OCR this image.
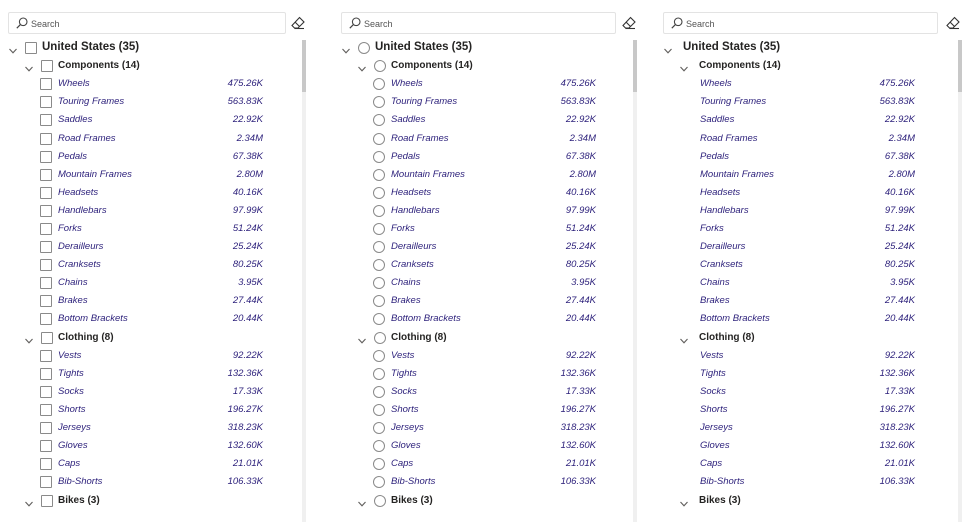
Search
United States (35)
Components (14)
Wheels	475.26K
Touring Frames	563.83K
Saddles	22.92K
Road Frames	2.34M
Pedals	67.38K
Mountain Frames	2.80M
Headsets	40.16K
Handlebars	97.99K
Forks	51.24K
Derailleurs	25.24K
Cranksets	80.25K
Chains	3.95K
Brakes	27.44K
Bottom Brackets	20.44K
Clothing (8)
Vests	92.22K
Tights	132.36K
Socks	17.33K
Shorts	196.27K
Jerseys	318.23K
Gloves	132.60K
Caps	21.01K
Bib-Shorts	106.33K
Bikes (3)
Search
United States (35)
Components (14)
Wheels	475.26K
Touring Frames	563.83K
Saddles	22.92K
Road Frames	2.34M
Pedals	67.38K
Mountain Frames	2.80M
Headsets	40.16K
Handlebars	97.99K
Forks	51.24K
Derailleurs	25.24K
Cranksets	80.25K
Chains	3.95K
Brakes	27.44K
Bottom Brackets	20.44K
Clothing (8)
Vests	92.22K
Tights	132.36K
Socks	17.33K
Shorts	196.27K
Jerseys	318.23K
Gloves	132.60K
Caps	21.01K
Bib-Shorts	106.33K
Bikes (3)
Search
United States (35)
Components (14)
Wheels	475.26K
Touring Frames	563.83K
Saddles	22.92K
Road Frames	2.34M
Pedals	67.38K
Mountain Frames	2.80M
Headsets	40.16K
Handlebars	97.99K
Forks	51.24K
Derailleurs	25.24K
Cranksets	80.25K
Chains	3.95K
Brakes	27.44K
Bottom Brackets	20.44K
Clothing (8)
Vests	92.22K
Tights	132.36K
Socks	17.33K
Shorts	196.27K
Jerseys	318.23K
Gloves	132.60K
Caps	21.01K
Bib-Shorts	106.33K
Bikes (3)
